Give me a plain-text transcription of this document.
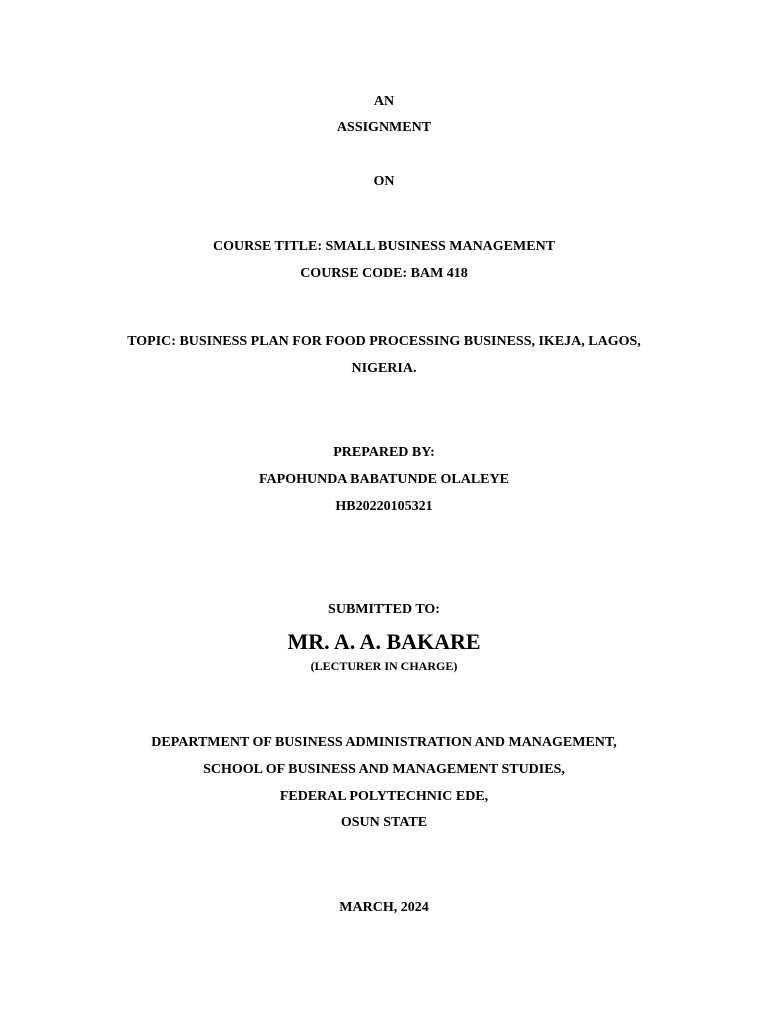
AN
ASSIGNMENT
ON
COURSE TITLE: SMALL BUSINESS MANAGEMENT
COURSE CODE: BAM 418
TOPIC: BUSINESS PLAN FOR FOOD PROCESSING BUSINESS, IKEJA, LAGOS,
NIGERIA.
PREPARED BY:
FAPOHUNDA BABATUNDE OLALEYE
HB20220105321
SUBMITTED TO:
MR. A. A. BAKARE
(LECTURER IN CHARGE)
DEPARTMENT OF BUSINESS ADMINISTRATION AND MANAGEMENT,
SCHOOL OF BUSINESS AND MANAGEMENT STUDIES,
FEDERAL POLYTECHNIC EDE,
OSUN STATE
MARCH, 2024
